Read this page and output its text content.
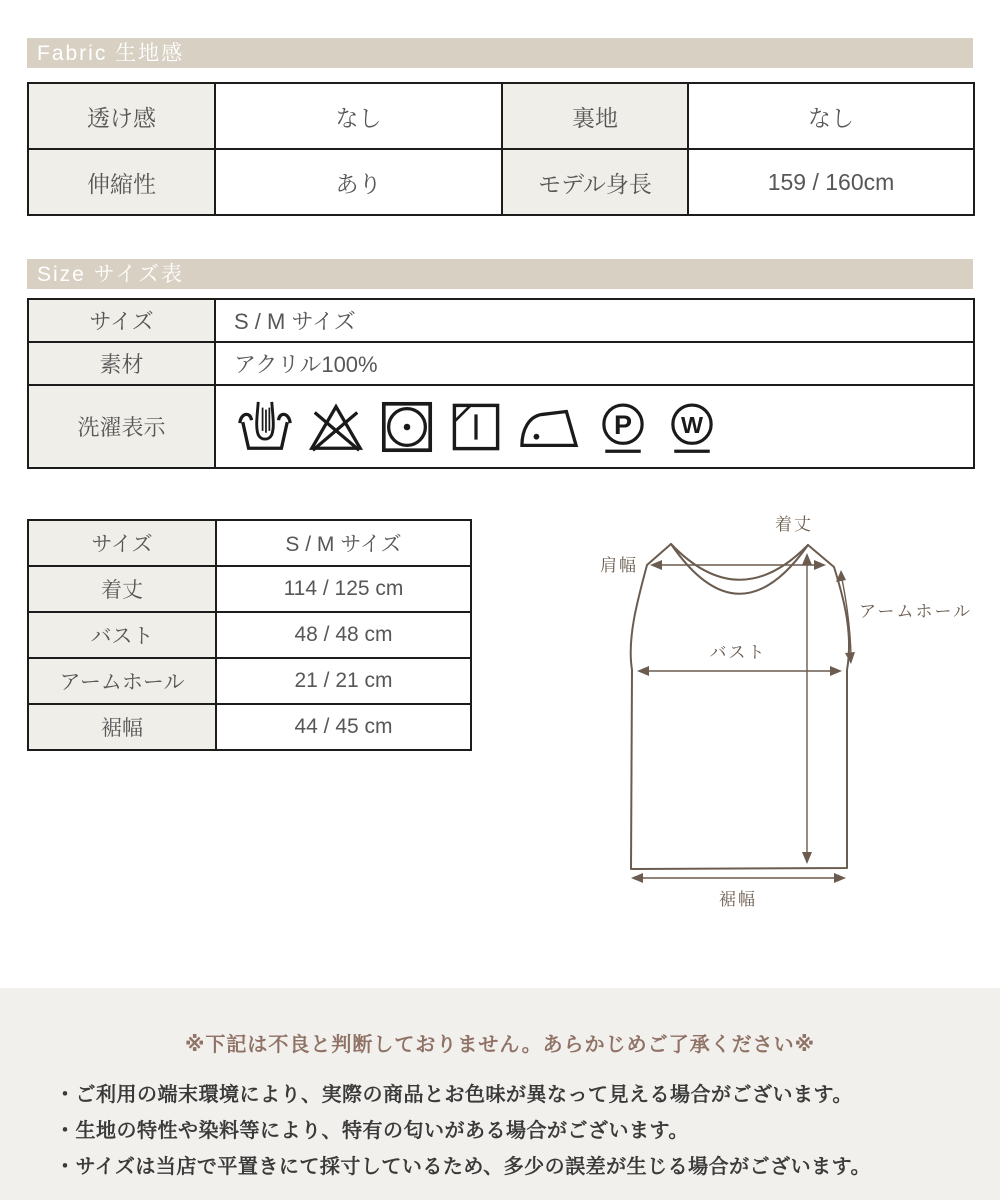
Fabric 生地感
透け感	なし	裏地	なし
伸縮性	あり	モデル身長	159 / 160cm
Size サイズ表
サイズ	S / M サイズ
素材	アクリル100%
洗濯表示	P W
サイズ	S / M サイズ
着丈	114 / 125 cm
バスト	48 / 48 cm
アームホール	21 / 21 cm
裾幅	44 / 45 cm
肩幅
着丈
アームホール
バスト
裾幅
※下記は不良と判断しておりません。あらかじめご了承ください※
・ご利用の端末環境により、実際の商品とお色味が異なって見える場合がございます。
・生地の特性や染料等により、特有の匂いがある場合がございます。
・サイズは当店で平置きにて採寸しているため、多少の誤差が生じる場合がございます。
